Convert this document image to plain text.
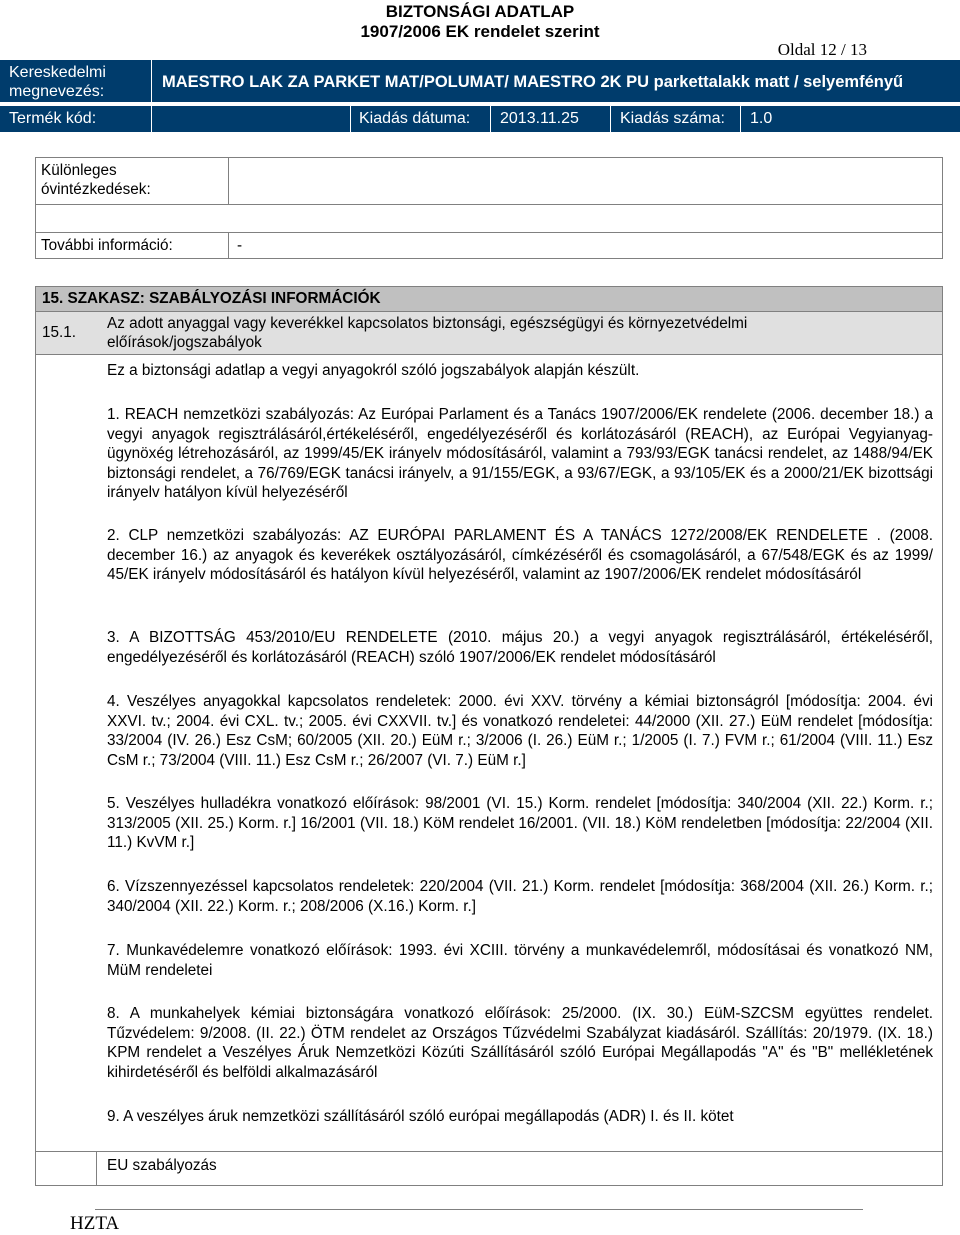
BIZTONSÁGI ADATLAP
1907/2006 EK rendelet szerint
Oldal 12 / 13
Kereskedelmi
megnevezés:
MAESTRO LAK ZA PARKET MAT/POLUMAT/ MAESTRO 2K PU parkettalakk matt / selyemfényű
Termék kód:	Kiadás dátuma: 2013.11.25	Kiadás száma: 1.0
Különleges
óvintézkedések:
További információ:	-
15. SZAKASZ: SZABÁLYOZÁSI INFORMÁCIÓK
15.1.
Az adott anyaggal vagy keverékkel kapcsolatos biztonsági, egészségügyi és környezetvédelmi
előírások/jogszabályok
Ez a biztonsági adatlap a vegyi anyagokról szóló jogszabályok alapján készült.
1. REACH nemzetközi szabályozás: Az Európai Parlament és a Tanács 1907/2006/EK rendelete (2006. december 18.) a vegyi anyagok regisztrálásáról,értékeléséről, engedélyezéséről és korlátozásáról (REACH), az Európai Vegyianyag-ügynöxég létrehozásáról, az 1999/45/EK irányelv módosításáról, valamint a 793/93/EGK tanácsi rendelet, az 1488/94/EK biztonsági rendelet, a 76/769/EGK tanácsi irányelv, a 91/155/EGK, a 93/67/EGK, a 93/105/EK és a 2000/21/EK bizottsági irányelv hatályon kívül helyezéséről
2. CLP nemzetközi szabályozás: AZ EURÓPAI PARLAMENT ÉS A TANÁCS 1272/2008/EK RENDELETE . (2008. december 16.) az anyagok és keverékek osztályozásáról, címkézéséről és csomagolásáról, a 67/548/EGK és az 1999/ 45/EK irányelv módosításáról és hatályon kívül helyezéséről, valamint az 1907/2006/EK rendelet módosításáról
3. A BIZOTTSÁG 453/2010/EU RENDELETE (2010. május 20.) a vegyi anyagok regisztrálásáról, értékeléséről, engedélyezéséről és korlátozásáról (REACH) szóló 1907/2006/EK rendelet módosításáról
4. Veszélyes anyagokkal kapcsolatos rendeletek: 2000. évi XXV. törvény a kémiai biztonságról [módosítja: 2004. évi XXVI. tv.; 2004. évi CXL. tv.; 2005. évi CXXVII. tv.] és vonatkozó rendeletei: 44/2000 (XII. 27.) EüM rendelet [módosítja: 33/2004 (IV. 26.) Esz CsM; 60/2005 (XII. 20.) EüM r.; 3/2006 (I. 26.) EüM r.; 1/2005 (I. 7.) FVM r.; 61/2004 (VIII. 11.) Esz CsM r.; 73/2004 (VIII. 11.) Esz CsM r.; 26/2007 (VI. 7.) EüM r.]
5. Veszélyes hulladékra vonatkozó előírások: 98/2001 (VI. 15.) Korm. rendelet [módosítja: 340/2004 (XII. 22.) Korm. r.; 313/2005 (XII. 25.) Korm. r.] 16/2001 (VII. 18.) KöM rendelet 16/2001. (VII. 18.) KöM rendeletben [módosítja: 22/2004 (XII. 11.) KvVM r.]
6. Vízszennyezéssel kapcsolatos rendeletek: 220/2004 (VII. 21.) Korm. rendelet [módosítja: 368/2004 (XII. 26.) Korm. r.; 340/2004 (XII. 22.) Korm. r.; 208/2006 (X.16.) Korm. r.]
7. Munkavédelemre vonatkozó előírások: 1993. évi XCIII. törvény a munkavédelemről, módosításai és vonatkozó NM, MüM rendeletei
8. A munkahelyek kémiai biztonságára vonatkozó előírások: 25/2000. (IX. 30.) EüM-SZCSM együttes rendelet. Tűzvédelem: 9/2008. (II. 22.) ÖTM rendelet az Országos Tűzvédelmi Szabályzat kiadásáról. Szállítás: 20/1979. (IX. 18.) KPM rendelet a Veszélyes Áruk Nemzetközi Közúti Szállításáról szóló Európai Megállapodás "A" és "B" mellékletének kihirdetéséről és belföldi alkalmazásáról
9. A veszélyes áruk nemzetközi szállításáról szóló európai megállapodás (ADR) I. és II. kötet
EU szabályozás
HZTA
